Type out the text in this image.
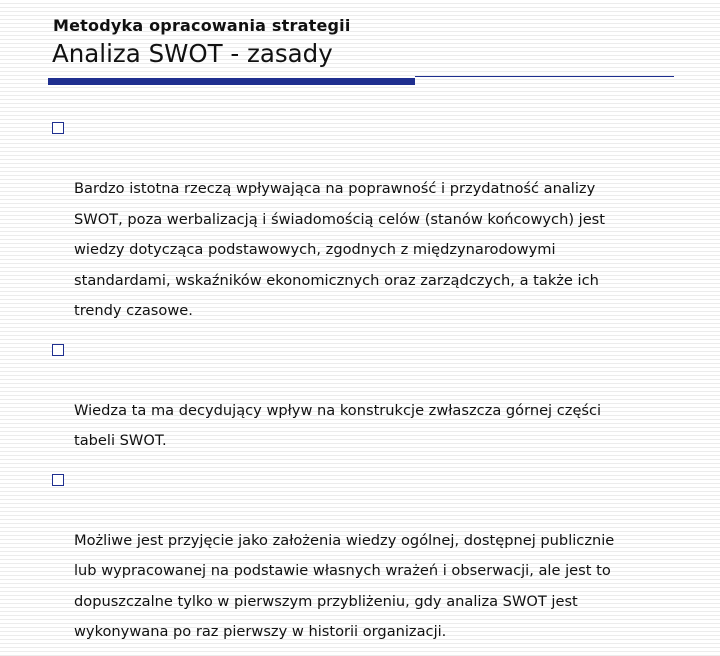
Metodyka opracowania strategii
Analiza SWOT - zasady

Bardzo istotna rzeczą wpływająca na poprawność i przydatność analizy
SWOT, poza werbalizacją i świadomością celów (stanów końcowych) jest
wiedzy dotycząca podstawowych, zgodnych z międzynarodowymi
standardami, wskaźników ekonomicznych oraz zarządczych, a także ich
trendy czasowe.

Wiedza ta ma decydujący wpływ na konstrukcje zwłaszcza górnej części
tabeli SWOT.

Możliwe jest przyjęcie jako założenia wiedzy ogólnej, dostępnej publicznie
lub wypracowanej na podstawie własnych wrażeń i obserwacji, ale jest to
dopuszczalne tylko w pierwszym przybliżeniu, gdy analiza SWOT jest
wykonywana po raz pierwszy w historii organizacji.
